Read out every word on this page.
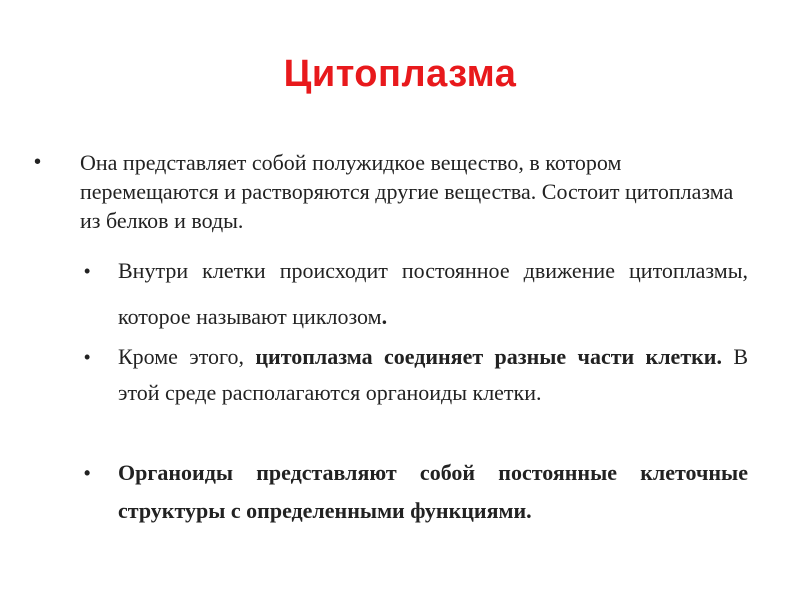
Цитоплазма
•	Она представляет собой полужидкое вещество, в котором перемещаются и растворяются другие вещества. Состоит цитоплазма из белков и воды.
• Внутри клетки происходит постоянное движение цитоплазмы, которое называют циклозом.
• Кроме этого, цитоплазма соединяет разные части клетки. В этой среде располагаются органоиды клетки.
• Органоиды представляют собой постоянные клеточные структуры с определенными функциями.
